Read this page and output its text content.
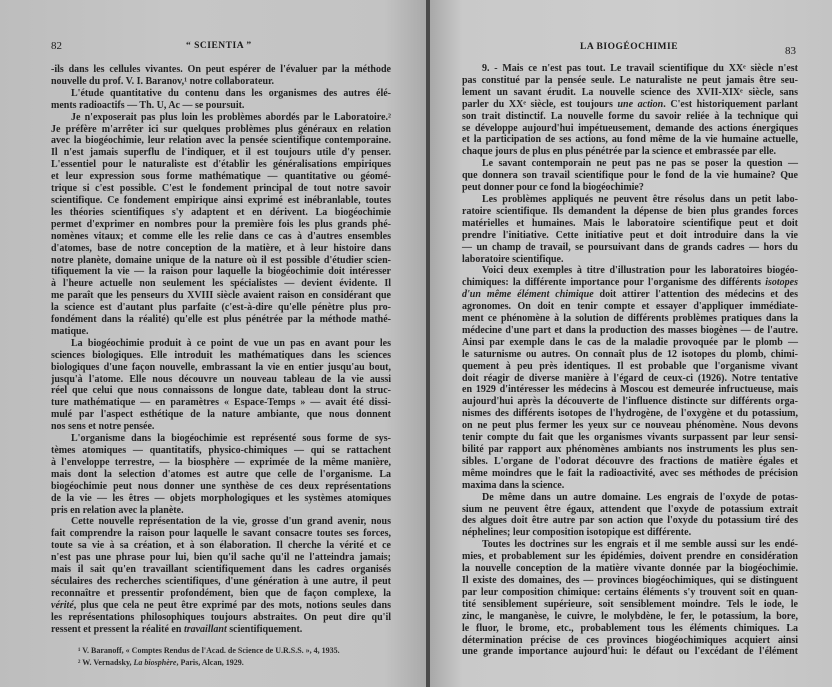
82	“ SCIENTIA ”
-ils dans les cellules vivantes. On peut espérer de l'évaluer par la méthode
nouvelle du prof. V. I. Baranov,¹ notre collaborateur.
L'étude quantitative du contenu dans les organismes des autres élé-
ments radioactifs — Th. U, Ac — se poursuit.
Je n'exposerait pas plus loin les problèmes abordés par le Laboratoire.²
Je préfère m'arrêter ici sur quelques problèmes plus généraux en relation
avec la biogéochimie, leur relation avec la pensée scientifique contemporaine.
Il n'est jamais superflu de l'indiquer, et il est toujours utile d'y penser.
L'essentiel pour le naturaliste est d'établir les généralisations empiriques
et leur expression sous forme mathématique — quantitative ou géomé-
trique si c'est possible. C'est le fondement principal de tout notre savoir
scientifique. Ce fondement empirique ainsi exprimé est inébranlable, toutes
les théories scientifiques s'y adaptent et en dérivent. La biogéochimie
permet d'exprimer en nombres pour la première fois les plus grands phé-
nomènes vitaux; et comme elle les relie dans ce cas à d'autres ensembles
d'atomes, base de notre conception de la matière, et à leur histoire dans
notre planète, domaine unique de la nature où il est possible d'étudier scien-
tifiquement la vie — la raison pour laquelle la biogéochimie doit intéresser
à l'heure actuelle non seulement les spécialistes — devient évidente. Il
me paraît que les penseurs du XVIII siècle avaient raison en considérant que
la science est d'autant plus parfaite (c'est-à-dire qu'elle pénètre plus pro-
fondément dans la réalité) qu'elle est plus pénétrée par la méthode mathé-
matique.
La biogéochimie produit à ce point de vue un pas en avant pour les
sciences biologiques. Elle introduit les mathématiques dans les sciences
biologiques d'une façon nouvelle, embrassant la vie en entier jusqu'au bout,
jusqu'à l'atome. Elle nous découvre un nouveau tableau de la vie aussi
réel que celui que nous connaissons de longue date, tableau dont la struc-
ture mathématique — en paramètres « Espace-Temps » — avait été dissi-
mulé par l'aspect esthétique de la nature ambiante, que nous donnent
nos sens et notre pensée.
L'organisme dans la biogéochimie est représenté sous forme de sys-
tèmes atomiques — quantitatifs, physico-chimiques — qui se rattachent
à l'enveloppe terrestre, — la biosphère — exprimée de la même manière,
mais dont la selection d'atomes est autre que celle de l'organisme. La
biogéochimie peut nous donner une synthèse de ces deux représentations
de la vie — les êtres — objets morphologiques et les systèmes atomiques
pris en relation avec la planète.
Cette nouvelle représentation de la vie, grosse d'un grand avenir, nous
fait comprendre la raison pour laquelle le savant consacre toutes ses forces,
toute sa vie à sa création, et à son élaboration. Il cherche la vérité et ce
n'est pas une phrase pour lui, bien qu'il sache qu'il ne l'atteindra jamais;
mais il sait qu'en travaillant scientifiquement dans les cadres organisés
séculaires des recherches scientifiques, d'une génération à une autre, il peut
reconnaître et pressentir profondément, bien que de façon complexe, la
vérité, plus que cela ne peut être exprimé par des mots, notions seules dans
les représentations philosophiques toujours abstraites. On peut dire qu'il
ressent et pressent la réalité en travaillant scientifiquement.
¹ V. Baranoff, « Comptes Rendus de l'Acad. de Science de U.R.S.S. », 4, 1935.
² W. Vernadsky, La biosphère, Paris, Alcan, 1929.
LA BIOGÉOCHIMIE	83
9. - Mais ce n'est pas tout. Le travail scientifique du XXᵉ siècle n'est
pas constitué par la pensée seule. Le naturaliste ne peut jamais être seu-
lement un savant érudit. La nouvelle science des XVII-XIXᵉ siècle, sans
parler du XXᵉ siècle, est toujours une action. C'est historiquement parlant
son trait distinctif. La nouvelle forme du savoir reliée à la technique qui
se développe aujourd'hui impétueusement, demande des actions énergiques
et la participation de ses actions, au fond même de la vie humaine actuelle,
chaque jours de plus en plus pénétrée par la science et embrassée par elle.
Le savant contemporain ne peut pas ne pas se poser la question —
que donnera son travail scientifique pour le fond de la vie humaine? Que
peut donner pour ce fond la biogéochimie?
Les problèmes appliqués ne peuvent être résolus dans un petit labo-
ratoire scientifique. Ils demandent la dépense de bien plus grandes forces
matérielles et humaines. Mais le laboratoire scientifique peut et doit
prendre l'initiative. Cette initiative peut et doit introduire dans la vie
— un champ de travail, se poursuivant dans de grands cadres — hors du
laboratoire scientifique.
Voici deux exemples à titre d'illustration pour les laboratoires biogéo-
chimiques: la différente importance pour l'organisme des différents isotopes
d'un même élément chimique doit attirer l'attention des médecins et des
agronomes. On doit en tenir compte et essayer d'appliquer immédiate-
ment ce phénomène à la solution de différents problèmes pratiques dans la
médecine d'une part et dans la production des masses biogènes — de l'autre.
Ainsi par exemple dans le cas de la maladie provoquée par le plomb —
le saturnisme ou autres. On connaît plus de 12 isotopes du plomb, chimi-
quement à peu près identiques. Il est probable que l'organisme vivant
doit réagir de diverse manière à l'égard de ceux-ci (1926). Notre tentative
en 1929 d'intéresser les médecins à Moscou est demeurée infructueuse, mais
aujourd'hui après la découverte de l'influence distincte sur différents orga-
nismes des différents isotopes de l'hydrogène, de l'oxygène et du potassium,
on ne peut plus fermer les yeux sur ce nouveau phénomène. Nous devons
tenir compte du fait que les organismes vivants surpassent par leur sensi-
bilité par rapport aux phénomènes ambiants nos instruments les plus sen-
sibles. L'organe de l'odorat découvre des fractions de matière égales et
même moindres que le fait la radioactivité, avec ses méthodes de précision
maxima dans la science.
De même dans un autre domaine. Les engrais de l'oxyde de potas-
sium ne peuvent être égaux, attendent que l'oxyde de potassium extrait
des algues doit être autre par son action que l'oxyde du potassium tiré des
néphelines; leur composition isotopique est différente.
Toutes les doctrines sur les engrais et il me semble aussi sur les endé-
mies, et probablement sur les épidémies, doivent prendre en considération
la nouvelle conception de la matière vivante donnée par la biogéochimie.
Il existe des domaines, des — provinces biogéochimiques, qui se distinguent
par leur composition chimique: certains éléments s'y trouvent soit en quan-
tité sensiblement supérieure, soit sensiblement moindre. Tels le iode, le
zinc, le manganèse, le cuivre, le molybdène, le fer, le potassium, la bore,
le fluor, le brome, etc., probablement tous les éléments chimiques. La
détermination précise de ces provinces biogéochimiques acquiert ainsi
une grande importance aujourd'hui: le défaut ou l'excédant de l'élément
